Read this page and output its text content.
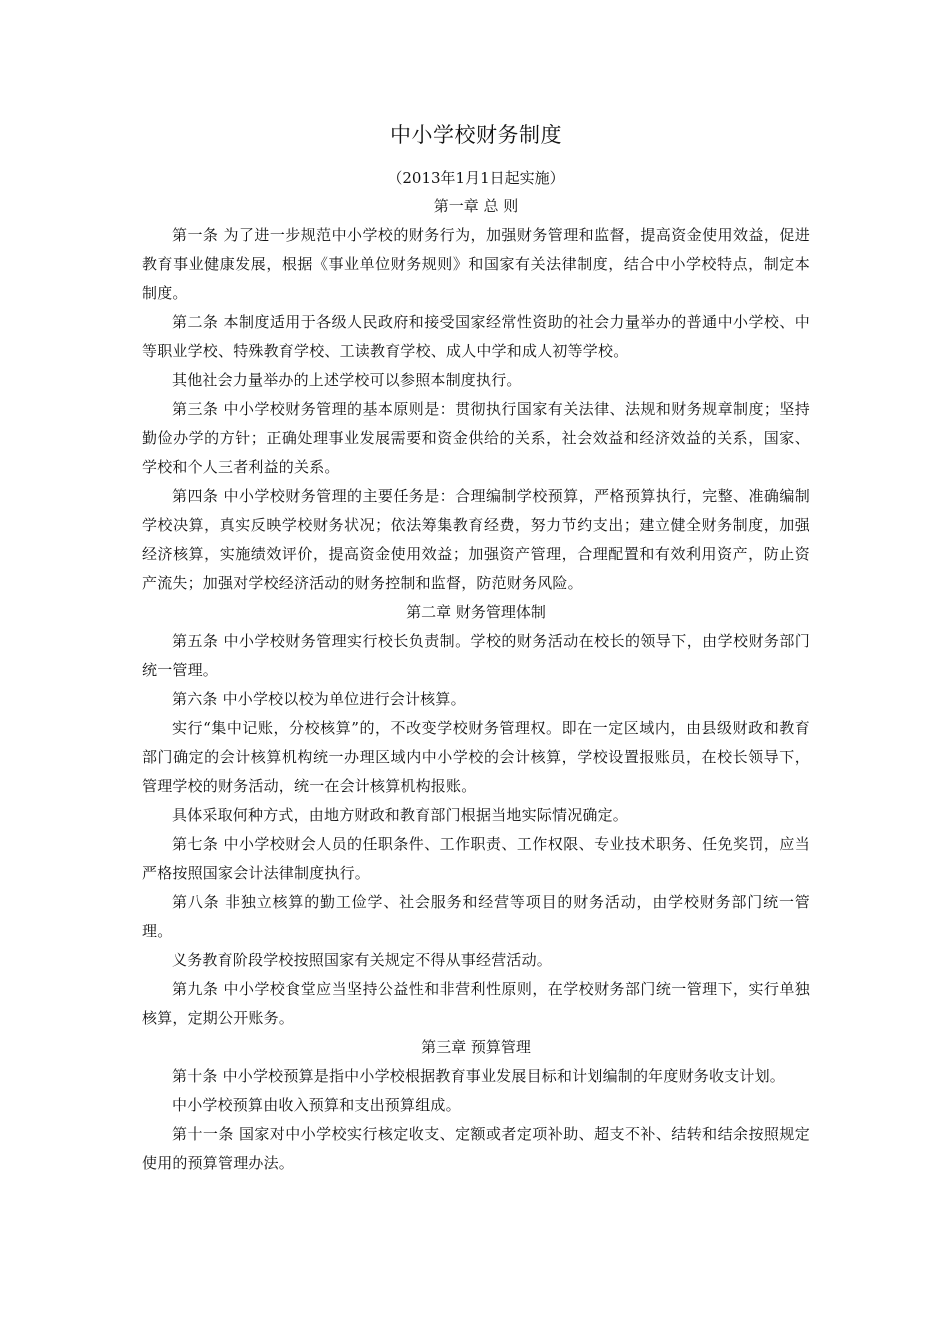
中小学校财务制度

（2013年1月1日起实施）

第一章 总 则

第一条 为了进一步规范中小学校的财务行为，加强财务管理和监督，提高资金使用效益，促进教育事业健康发展，根据《事业单位财务规则》和国家有关法律制度，结合中小学校特点，制定本制度。

第二条 本制度适用于各级人民政府和接受国家经常性资助的社会力量举办的普通中小学校、中等职业学校、特殊教育学校、工读教育学校、成人中学和成人初等学校。

其他社会力量举办的上述学校可以参照本制度执行。

第三条 中小学校财务管理的基本原则是：贯彻执行国家有关法律、法规和财务规章制度；坚持勤俭办学的方针；正确处理事业发展需要和资金供给的关系，社会效益和经济效益的关系，国家、学校和个人三者利益的关系。

第四条 中小学校财务管理的主要任务是：合理编制学校预算，严格预算执行，完整、准确编制学校决算，真实反映学校财务状况；依法筹集教育经费，努力节约支出；建立健全财务制度，加强经济核算，实施绩效评价，提高资金使用效益；加强资产管理，合理配置和有效利用资产，防止资产流失；加强对学校经济活动的财务控制和监督，防范财务风险。

第二章 财务管理体制

第五条 中小学校财务管理实行校长负责制。学校的财务活动在校长的领导下，由学校财务部门统一管理。

第六条 中小学校以校为单位进行会计核算。

实行“集中记账，分校核算”的，不改变学校财务管理权。即在一定区域内，由县级财政和教育部门确定的会计核算机构统一办理区域内中小学校的会计核算，学校设置报账员，在校长领导下，管理学校的财务活动，统一在会计核算机构报账。

具体采取何种方式，由地方财政和教育部门根据当地实际情况确定。

第七条 中小学校财会人员的任职条件、工作职责、工作权限、专业技术职务、任免奖罚，应当严格按照国家会计法律制度执行。

第八条 非独立核算的勤工俭学、社会服务和经营等项目的财务活动，由学校财务部门统一管理。

义务教育阶段学校按照国家有关规定不得从事经营活动。

第九条 中小学校食堂应当坚持公益性和非营利性原则，在学校财务部门统一管理下，实行单独核算，定期公开账务。

第三章 预算管理

第十条 中小学校预算是指中小学校根据教育事业发展目标和计划编制的年度财务收支计划。

中小学校预算由收入预算和支出预算组成。

第十一条 国家对中小学校实行核定收支、定额或者定项补助、超支不补、结转和结余按照规定使用的预算管理办法。
